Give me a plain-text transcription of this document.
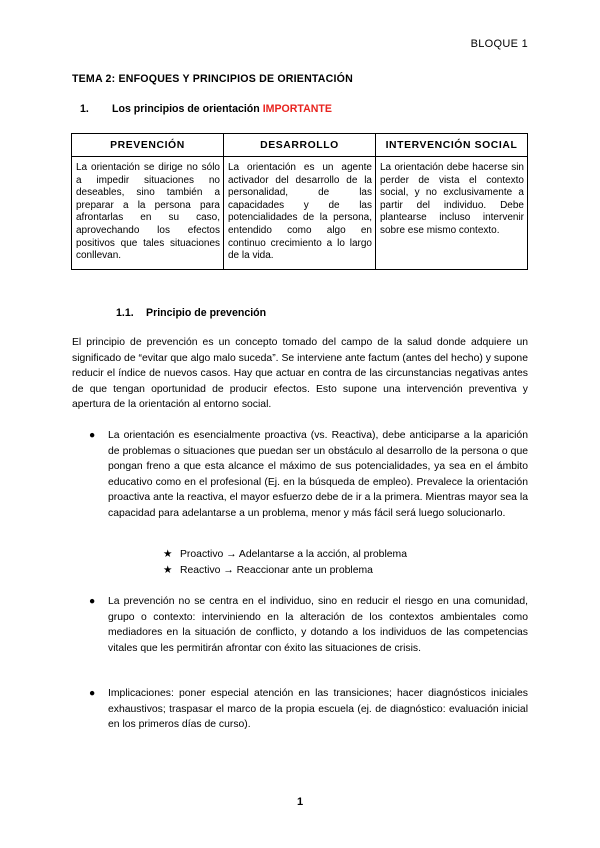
BLOQUE 1
TEMA 2: ENFOQUES Y PRINCIPIOS DE ORIENTACIÓN
1. Los principios de orientación IMPORTANTE
PREVENCIÓN	DESARROLLO	INTERVENCIÓN SOCIAL
La orientación se dirige no sólo a impedir situaciones no deseables, sino también a preparar a la persona para afrontarlas en su caso, aprovechando los efectos positivos que tales situaciones conllevan.	La orientación es un agente activador del desarrollo de la personalidad, de las capacidades y de las potencialidades de la persona, entendido como algo en continuo crecimiento a lo largo de la vida.	La orientación debe hacerse sin perder de vista el contexto social, y no exclusivamente a partir del individuo. Debe plantearse incluso intervenir sobre ese mismo contexto.
1.1. Principio de prevención
El principio de prevención es un concepto tomado del campo de la salud donde adquiere un significado de “evitar que algo malo suceda”. Se interviene ante factum (antes del hecho) y supone reducir el índice de nuevos casos. Hay que actuar en contra de las circunstancias negativas antes de que tengan oportunidad de producir efectos. Esto supone una intervención preventiva y apertura de la orientación al entorno social.
● La orientación es esencialmente proactiva (vs. Reactiva), debe anticiparse a la aparición de problemas o situaciones que puedan ser un obstáculo al desarrollo de la persona o que pongan freno a que esta alcance el máximo de sus potencialidades, ya sea en el ámbito educativo como en el profesional (Ej. en la búsqueda de empleo). Prevalece la orientación proactiva ante la reactiva, el mayor esfuerzo debe de ir a la primera. Mientras mayor sea la capacidad para adelantarse a un problema, menor y más fácil será luego solucionarlo.
★ Proactivo → Adelantarse a la acción, al problema
★ Reactivo → Reaccionar ante un problema
● La prevención no se centra en el individuo, sino en reducir el riesgo en una comunidad, grupo o contexto: interviniendo en la alteración de los contextos ambientales como mediadores en la situación de conflicto, y dotando a los individuos de las competencias vitales que les permitirán afrontar con éxito las situaciones de crisis.
● Implicaciones: poner especial atención en las transiciones; hacer diagnósticos iniciales exhaustivos; traspasar el marco de la propia escuela (ej. de diagnóstico: evaluación inicial en los primeros días de curso).
1
